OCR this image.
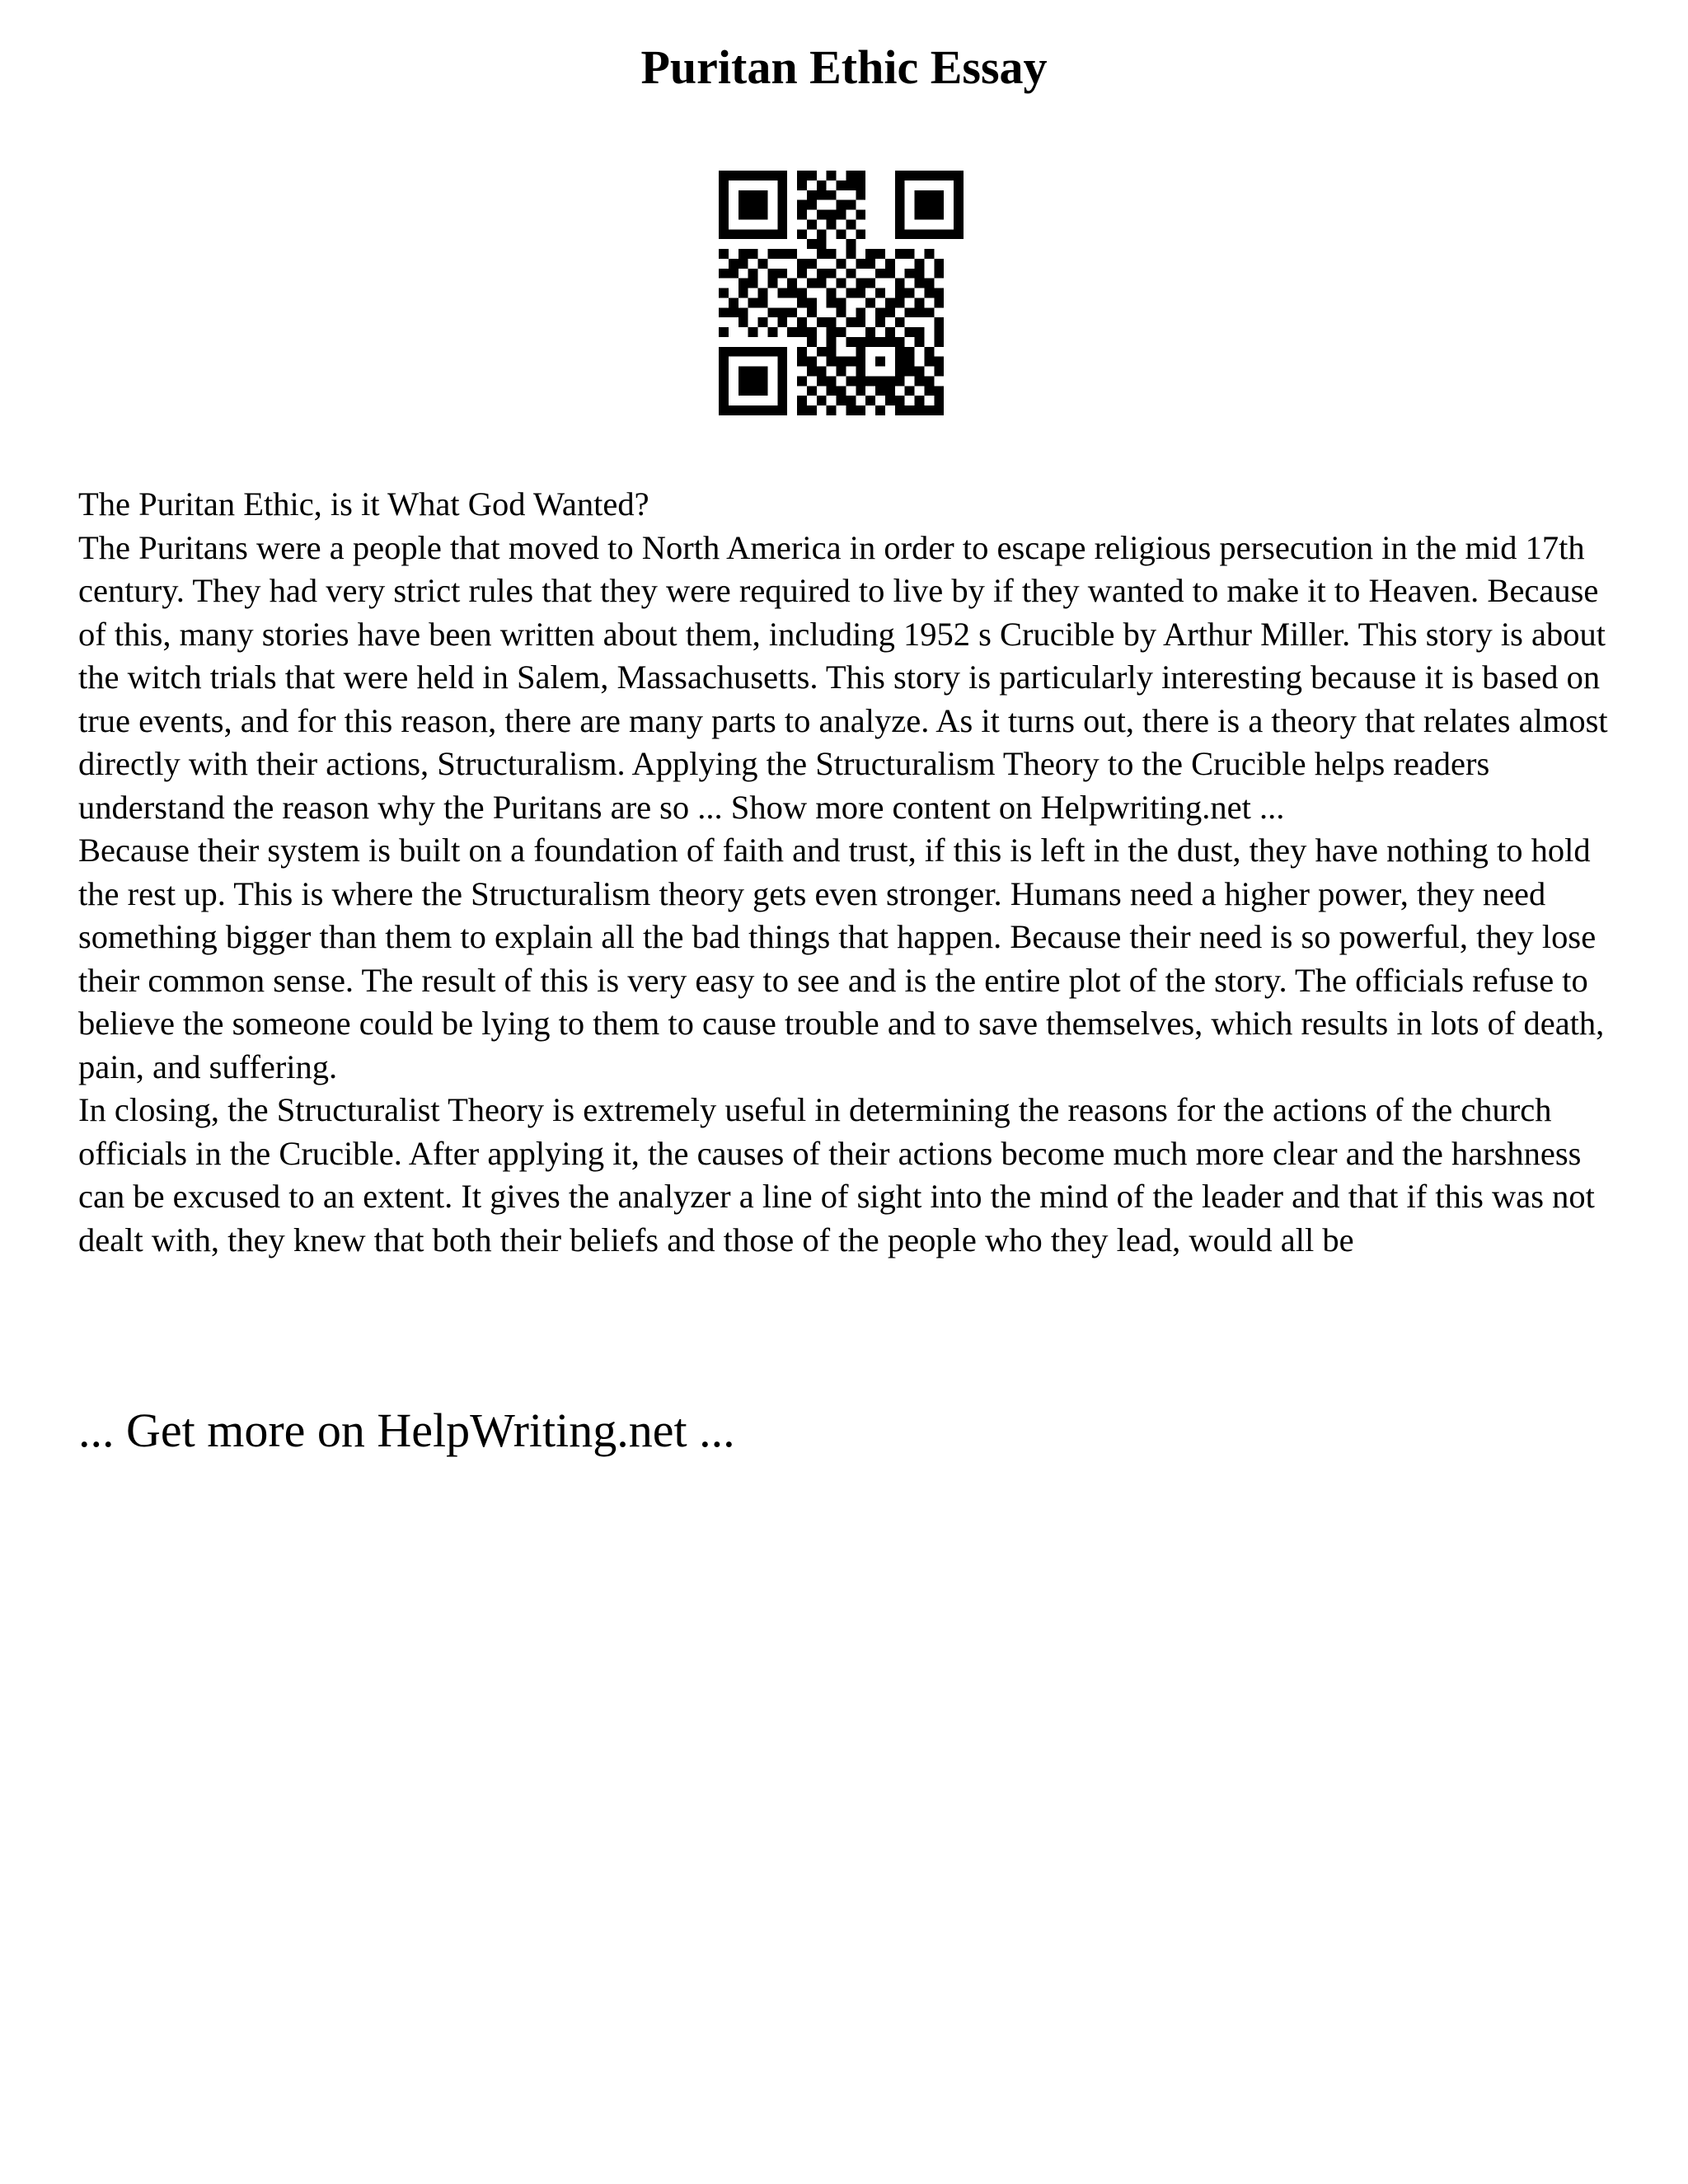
Puritan Ethic Essay

The Puritan Ethic, is it What God Wanted?

The Puritans were a people that moved to North America in order to escape religious persecution in the mid 17th century. They had very strict rules that they were required to live by if they wanted to make it to Heaven. Because of this, many stories have been written about them, including 1952 s Crucible by Arthur Miller. This story is about the witch trials that were held in Salem, Massachusetts. This story is particularly interesting because it is based on true events, and for this reason, there are many parts to analyze. As it turns out, there is a theory that relates almost directly with their actions, Structuralism. Applying the Structuralism Theory to the Crucible helps readers understand the reason why the Puritans are so ... Show more content on Helpwriting.net ...

Because their system is built on a foundation of faith and trust, if this is left in the dust, they have nothing to hold the rest up. This is where the Structuralism theory gets even stronger. Humans need a higher power, they need something bigger than them to explain all the bad things that happen. Because their need is so powerful, they lose their common sense. The result of this is very easy to see and is the entire plot of the story. The officials refuse to believe the someone could be lying to them to cause trouble and to save themselves, which results in lots of death, pain, and suffering.

In closing, the Structuralist Theory is extremely useful in determining the reasons for the actions of the church officials in the Crucible. After applying it, the causes of their actions become much more clear and the harshness can be excused to an extent. It gives the analyzer a line of sight into the mind of the leader and that if this was not dealt with, they knew that both their beliefs and those of the people who they lead, would all be

... Get more on HelpWriting.net ...
